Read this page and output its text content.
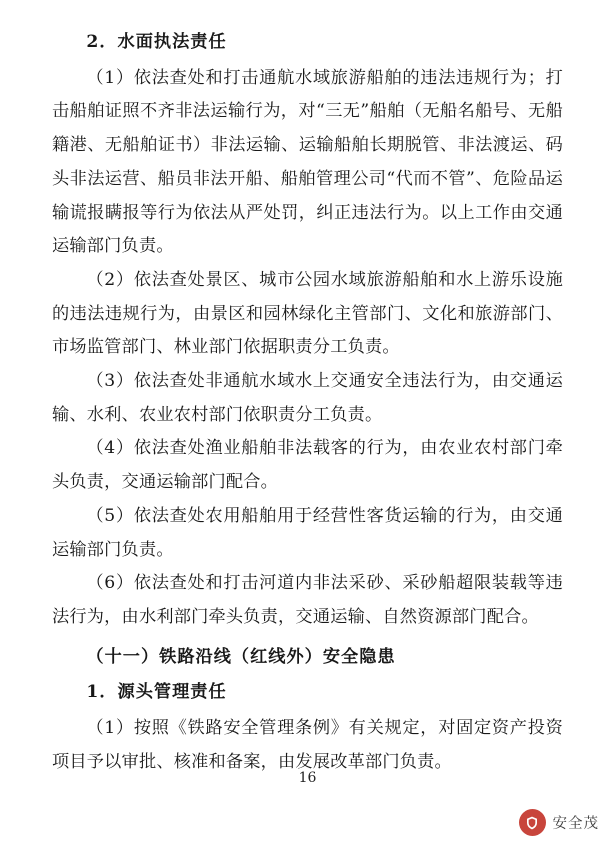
2．水面执法责任

（1）依法查处和打击通航水域旅游船舶的违法违规行为；打击船舶证照不齐非法运输行为，对“三无”船舶（无船名船号、无船籍港、无船舶证书）非法运输、运输船舶长期脱管、非法渡运、码头非法运营、船员非法开船、船舶管理公司“代而不管”、危险品运输谎报瞒报等行为依法从严处罚，纠正违法行为。以上工作由交通运输部门负责。

（2）依法查处景区、城市公园水域旅游船舶和水上游乐设施的违法违规行为，由景区和园林绿化主管部门、文化和旅游部门、市场监管部门、林业部门依据职责分工负责。

（3）依法查处非通航水域水上交通安全违法行为，由交通运输、水利、农业农村部门依职责分工负责。

（4）依法查处渔业船舶非法载客的行为，由农业农村部门牵头负责，交通运输部门配合。

（5）依法查处农用船舶用于经营性客货运输的行为，由交通运输部门负责。

（6）依法查处和打击河道内非法采砂、采砂船超限装载等违法行为，由水利部门牵头负责，交通运输、自然资源部门配合。

（十一）铁路沿线（红线外）安全隐患

1．源头管理责任

（1）按照《铁路安全管理条例》有关规定，对固定资产投资项目予以审批、核准和备案，由发展改革部门负责。

16
安全茂
